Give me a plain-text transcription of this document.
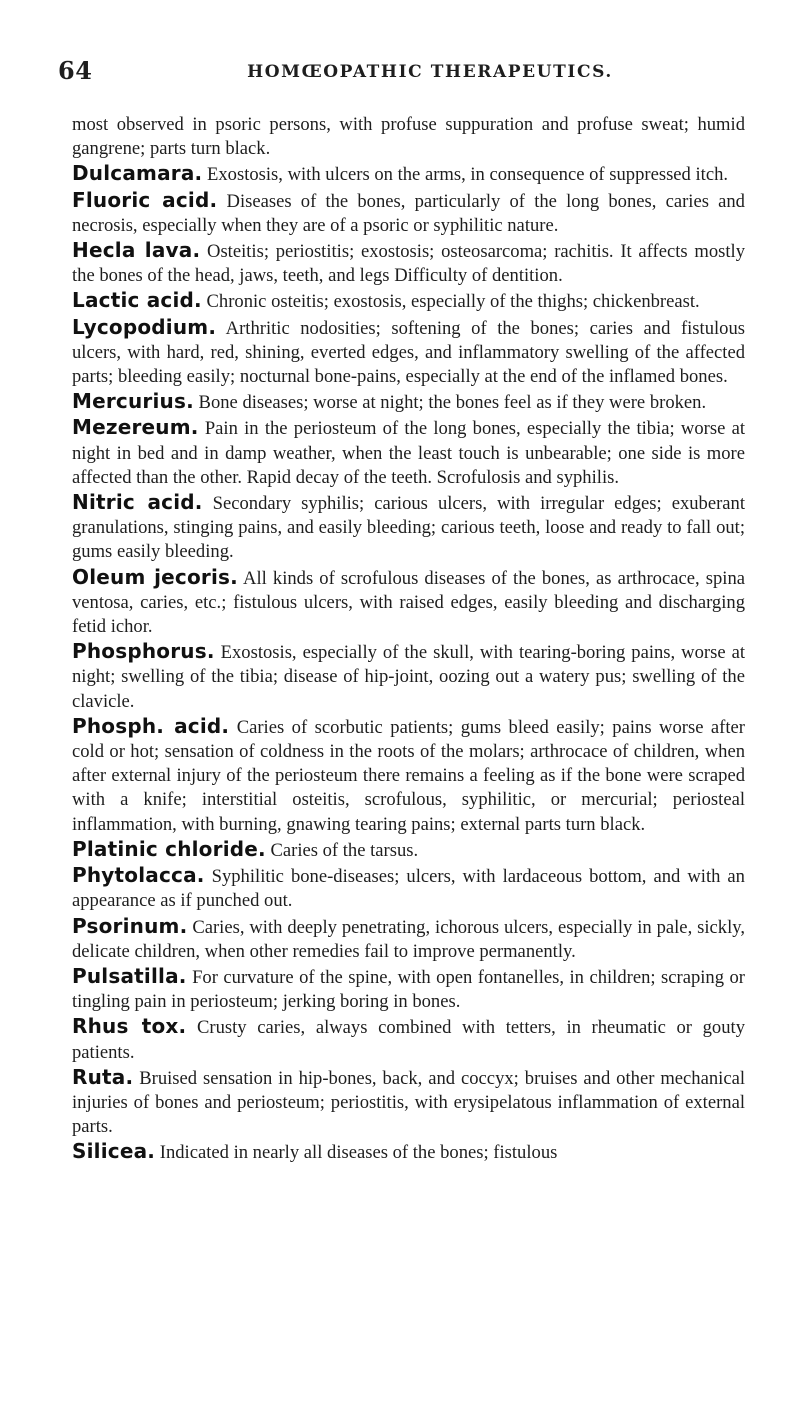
64	HOMŒOPATHIC THERAPEUTICS.

most observed in psoric persons, with profuse suppuration and profuse sweat; humid gangrene; parts turn black.

Dulcamara. Exostosis, with ulcers on the arms, in consequence of suppressed itch.

Fluoric acid. Diseases of the bones, particularly of the long bones, caries and necrosis, especially when they are of a psoric or syphilitic nature.

Hecla lava. Osteitis; periostitis; exostosis; osteosarcoma; rachitis. It affects mostly the bones of the head, jaws, teeth, and legs Difficulty of dentition.

Lactic acid. Chronic osteitis; exostosis, especially of the thighs; chickenbreast.

Lycopodium. Arthritic nodosities; softening of the bones; caries and fistulous ulcers, with hard, red, shining, everted edges, and inflammatory swelling of the affected parts; bleeding easily; nocturnal bone-pains, especially at the end of the inflamed bones.

Mercurius. Bone diseases; worse at night; the bones feel as if they were broken.

Mezereum. Pain in the periosteum of the long bones, especially the tibia; worse at night in bed and in damp weather, when the least touch is unbearable; one side is more affected than the other. Rapid decay of the teeth. Scrofulosis and syphilis.

Nitric acid. Secondary syphilis; carious ulcers, with irregular edges; exuberant granulations, stinging pains, and easily bleeding; carious teeth, loose and ready to fall out; gums easily bleeding.

Oleum jecoris. All kinds of scrofulous diseases of the bones, as arthrocace, spina ventosa, caries, etc.; fistulous ulcers, with raised edges, easily bleeding and discharging fetid ichor.

Phosphorus. Exostosis, especially of the skull, with tearing-boring pains, worse at night; swelling of the tibia; disease of hip-joint, oozing out a watery pus; swelling of the clavicle.

Phosph. acid. Caries of scorbutic patients; gums bleed easily; pains worse after cold or hot; sensation of coldness in the roots of the molars; arthrocace of children, when after external injury of the periosteum there remains a feeling as if the bone were scraped with a knife; interstitial osteitis, scrofulous, syphilitic, or mercurial; periosteal inflammation, with burning, gnawing tearing pains; external parts turn black.

Platinic chloride. Caries of the tarsus.

Phytolacca. Syphilitic bone-diseases; ulcers, with lardaceous bottom, and with an appearance as if punched out.

Psorinum. Caries, with deeply penetrating, ichorous ulcers, especially in pale, sickly, delicate children, when other remedies fail to improve permanently.

Pulsatilla. For curvature of the spine, with open fontanelles, in children; scraping or tingling pain in periosteum; jerking boring in bones.

Rhus tox. Crusty caries, always combined with tetters, in rheumatic or gouty patients.

Ruta. Bruised sensation in hip-bones, back, and coccyx; bruises and other mechanical injuries of bones and periosteum; periostitis, with erysipelatous inflammation of external parts.

Silicea. Indicated in nearly all diseases of the bones; fistulous
